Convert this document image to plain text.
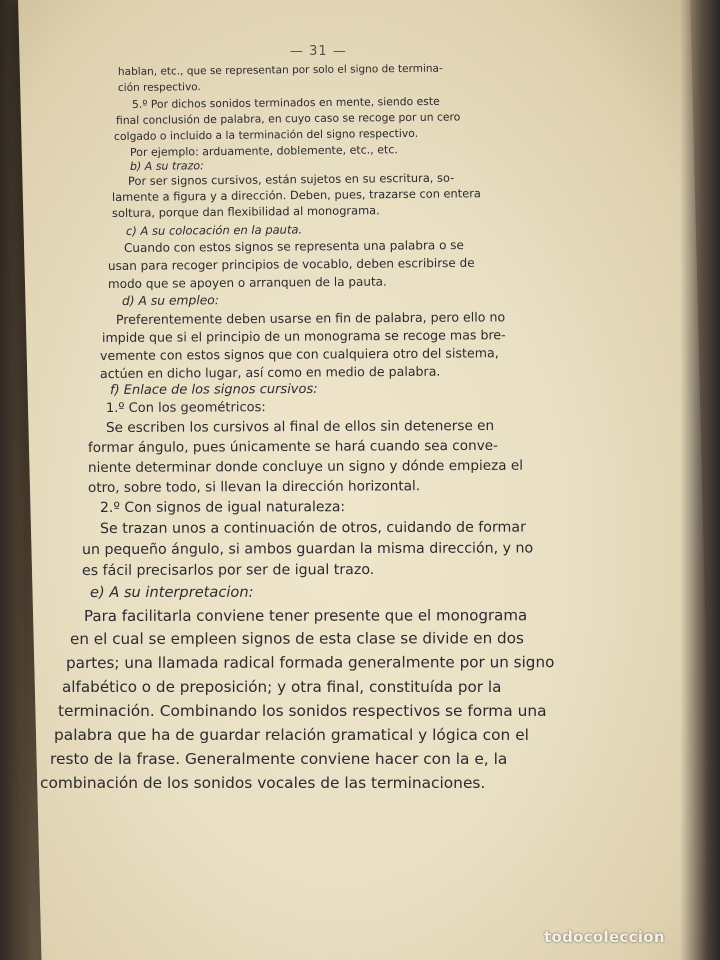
— 31 —
hablan, etc., que se representan por solo el signo de termina-
ción respectivo.
5.º Por dichos sonidos terminados en mente, siendo este
final conclusión de palabra, en cuyo caso se recoge por un cero
colgado o incluido a la terminación del signo respectivo.
Por ejemplo: arduamente, doblemente, etc., etc.
b) A su trazo:
Por ser signos cursivos, están sujetos en su escritura, so-
lamente a figura y a dirección. Deben, pues, trazarse con entera
soltura, porque dan flexibilidad al monograma.
c) A su colocación en la pauta.
Cuando con estos signos se representa una palabra o se
usan para recoger principios de vocablo, deben escribirse de
modo que se apoyen o arranquen de la pauta.
d) A su empleo:
Preferentemente deben usarse en fin de palabra, pero ello no
impide que si el principio de un monograma se recoge mas bre-
vemente con estos signos que con cualquiera otro del sistema,
actúen en dicho lugar, así como en medio de palabra.
f) Enlace de los signos cursivos:
1.º Con los geométricos:
Se escriben los cursivos al final de ellos sin detenerse en
formar ángulo, pues únicamente se hará cuando sea conve-
niente determinar donde concluye un signo y dónde empieza el
otro, sobre todo, si llevan la dirección horizontal.
2.º Con signos de igual naturaleza:
Se trazan unos a continuación de otros, cuidando de formar
un pequeño ángulo, si ambos guardan la misma dirección, y no
es fácil precisarlos por ser de igual trazo.
e) A su interpretacion:
Para facilitarla conviene tener presente que el monograma
en el cual se empleen signos de esta clase se divide en dos
partes; una llamada radical formada generalmente por un signo
alfabético o de preposición; y otra final, constituída por la
terminación. Combinando los sonidos respectivos se forma una
palabra que ha de guardar relación gramatical y lógica con el
resto de la frase. Generalmente conviene hacer con la e, la
combinación de los sonidos vocales de las terminaciones.
todocoleccion
